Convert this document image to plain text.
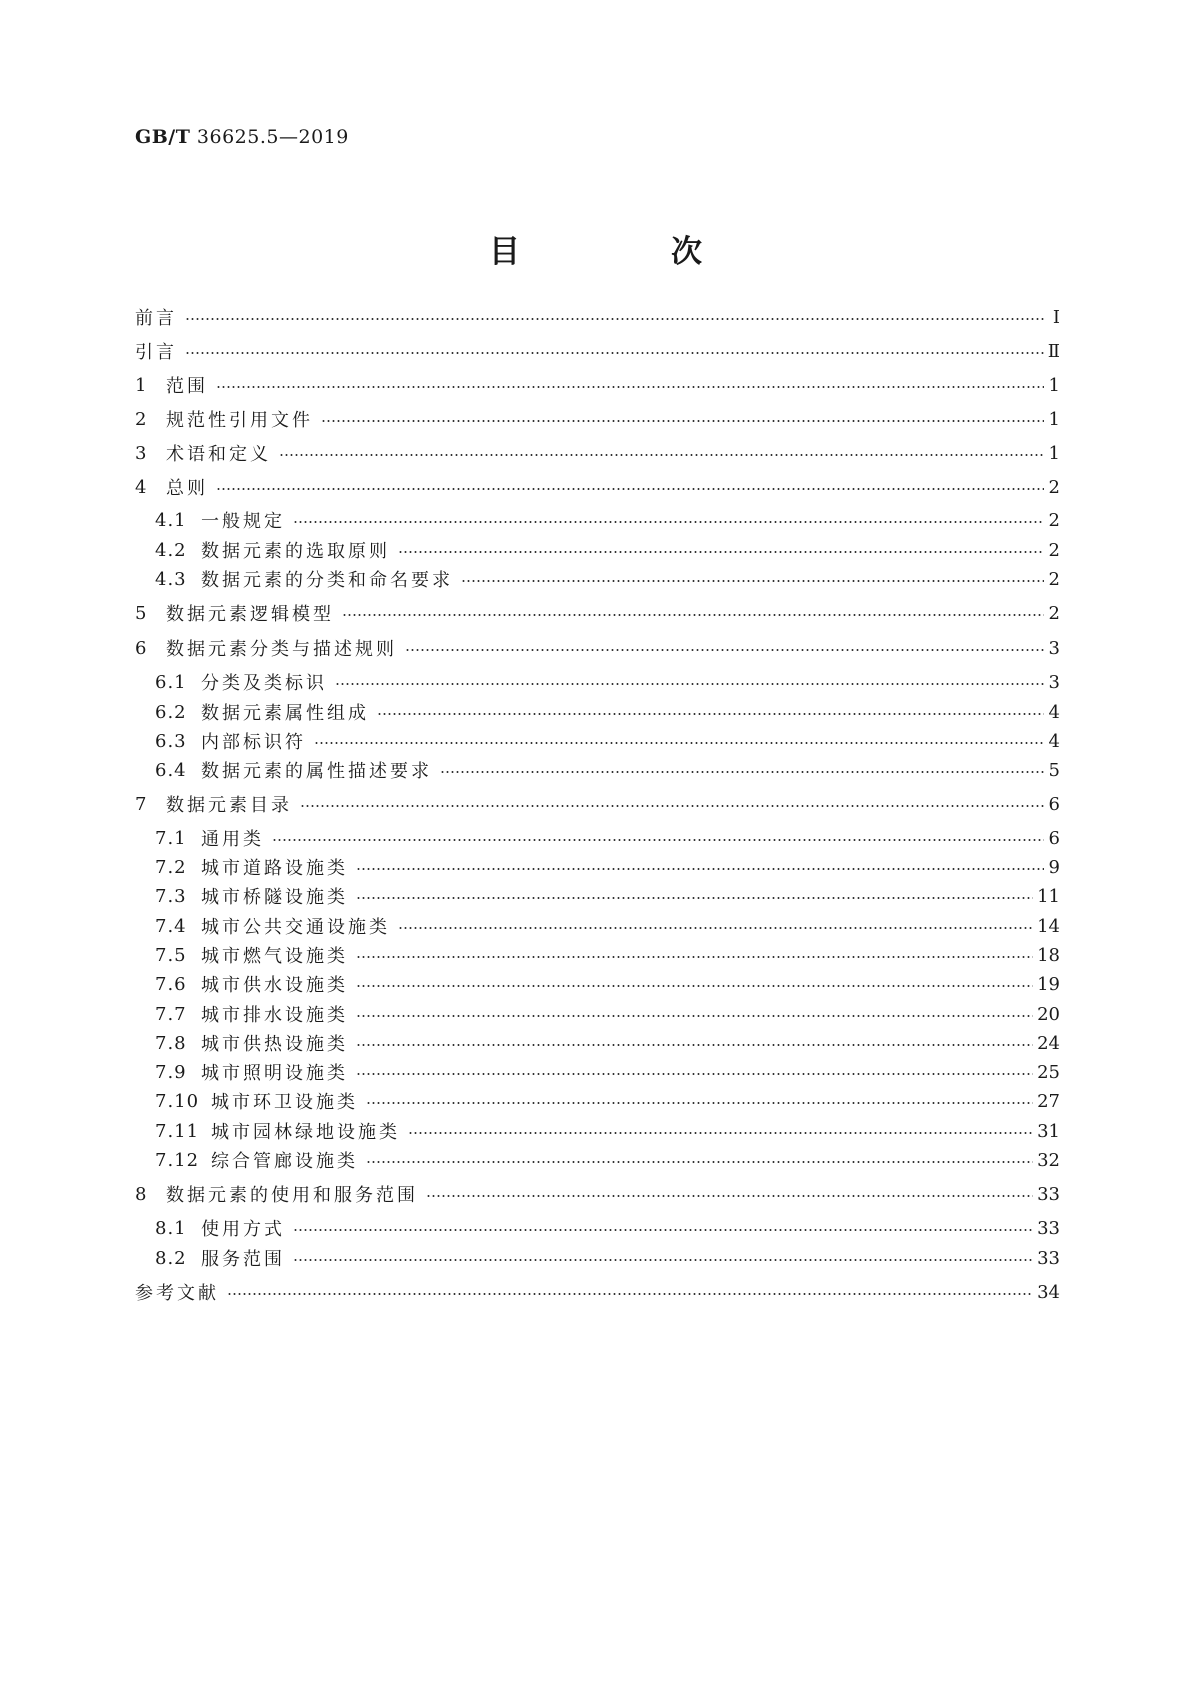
GB/T 36625.5—2019
目　次
前言	Ⅰ
引言	Ⅱ
1	范围	1
2	规范性引用文件	1
3	术语和定义	1
4	总则	2
4.1 一般规定	2
4.2 数据元素的选取原则	2
4.3 数据元素的分类和命名要求	2
5	数据元素逻辑模型	2
6	数据元素分类与描述规则	3
6.1 分类及类标识	3
6.2 数据元素属性组成	4
6.3 内部标识符	4
6.4 数据元素的属性描述要求	5
7	数据元素目录	6
7.1 通用类	6
7.2 城市道路设施类	9
7.3 城市桥隧设施类	11
7.4 城市公共交通设施类	14
7.5 城市燃气设施类	18
7.6 城市供水设施类	19
7.7 城市排水设施类	20
7.8 城市供热设施类	24
7.9 城市照明设施类	25
7.10 城市环卫设施类	27
7.11 城市园林绿地设施类	31
7.12 综合管廊设施类	32
8	数据元素的使用和服务范围	33
8.1 使用方式	33
8.2 服务范围	33
参考文献	34
